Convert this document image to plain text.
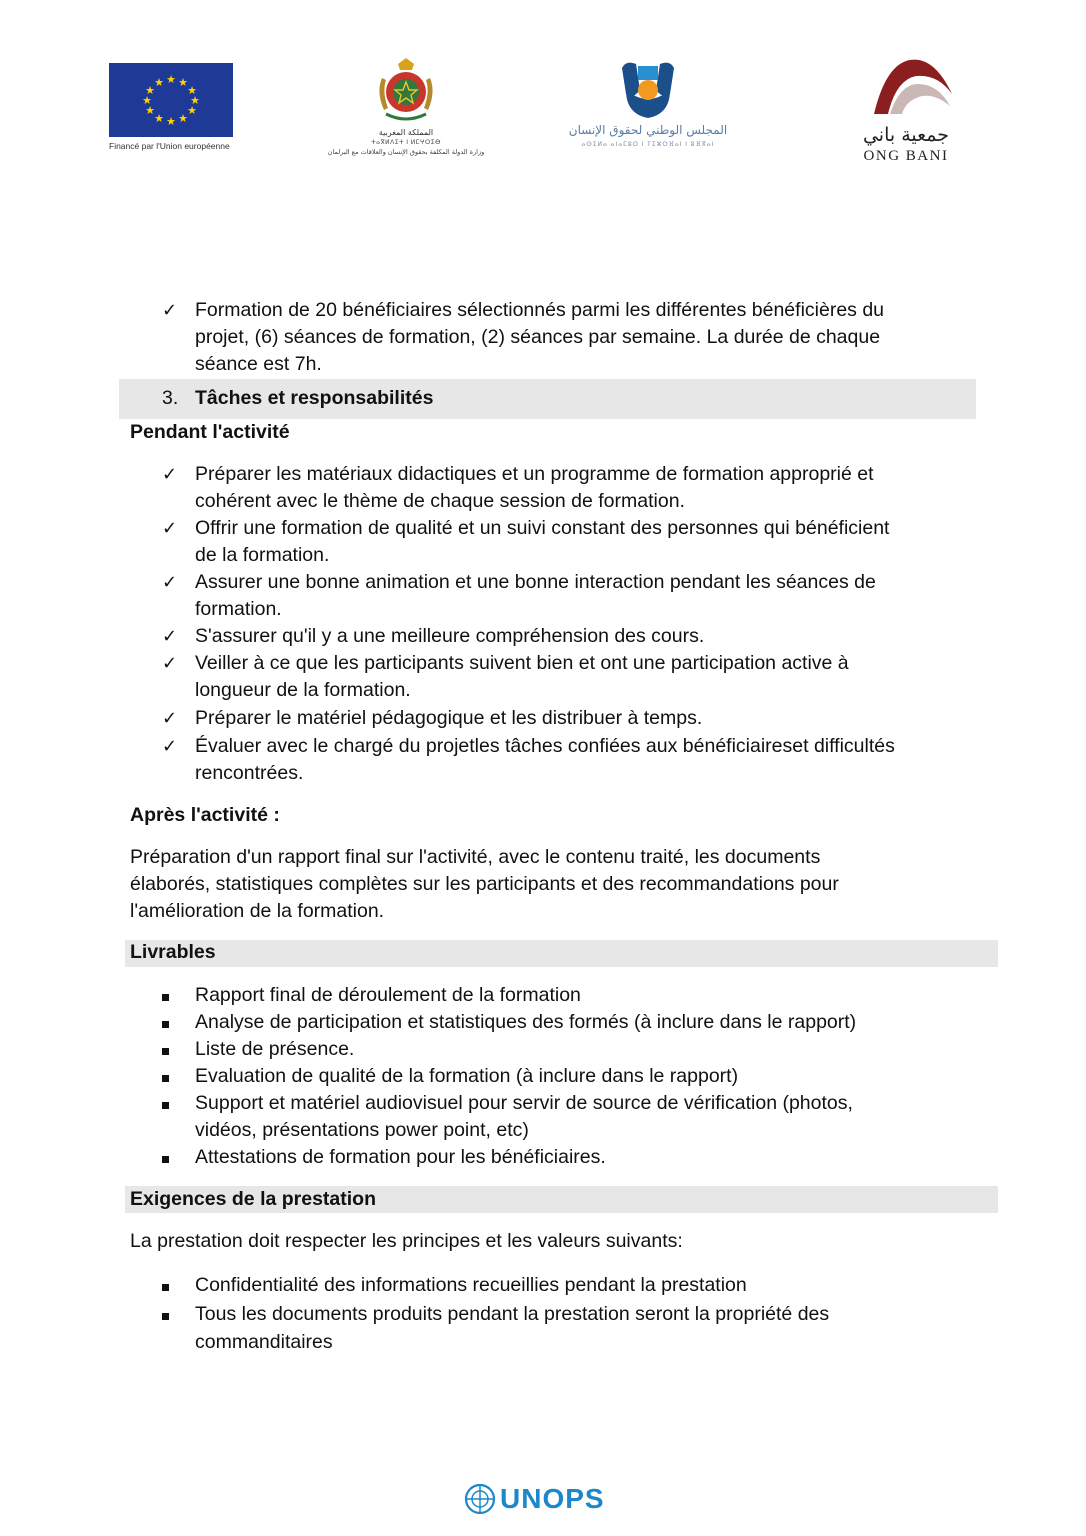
★ ★
★
★
★
★
★
★
★
★
★
★
Financé par l'Union européenne
المملكة المغربية
ⵜⴰⴳⵍⴷⵉⵜ ⵏ ⵍⵎⵖⵔⵉⴱ
وزارة الدولة المكلفة بحقوق الإنسان والعلاقات مع البرلمان
المجلس الوطني لحقوق الإنسان
ⴰⵙⵉⵍⴰ ⴰⵏⴰⵎⵓⵔ ⵏ ⵢⵉⵣⵔⴼⴰⵏ ⵏ ⵓⴼⴳⴰⵏ	جمعية باني
ONG BANI
✓ Formation de 20 bénéficiaires sélectionnés parmi les différentes bénéficières du
projet, (6) séances de formation, (2) séances par semaine. La durée de chaque
séance est 7h.
3. Tâches et responsabilités
Pendant l'activité
✓ Préparer les matériaux didactiques et un programme de formation approprié et
cohérent avec le thème de chaque session de formation.
✓ Offrir une formation de qualité et un suivi constant des personnes qui bénéficient
de la formation.
✓ Assurer une bonne animation et une bonne interaction pendant les séances de
formation.
✓ S'assurer qu'il y a une meilleure compréhension des cours.
✓ Veiller à ce que les participants suivent bien et ont une participation active à
longueur de la formation.
✓ Préparer le matériel pédagogique et les distribuer à temps.
✓ Évaluer avec le chargé du projetles tâches confiées aux bénéficiaireset difficultés
rencontrées.
Après l'activité :
Préparation d'un rapport final sur l'activité, avec le contenu traité, les documents
élaborés, statistiques complètes sur les participants et des recommandations pour
l'amélioration de la formation.
Livrables
Rapport final de déroulement de la formation
Analyse de participation et statistiques des formés (à inclure dans le rapport)
Liste de présence.
Evaluation de qualité de la formation (à inclure dans le rapport)
Support et matériel audiovisuel pour servir de source de vérification (photos,
vidéos, présentations power point, etc)
Attestations de formation pour les bénéficiaires.
Exigences de la prestation
La prestation doit respecter les principes et les valeurs suivants:
Confidentialité des informations recueillies pendant la prestation
Tous les documents produits pendant la prestation seront la propriété des
commanditaires
UNOPS
